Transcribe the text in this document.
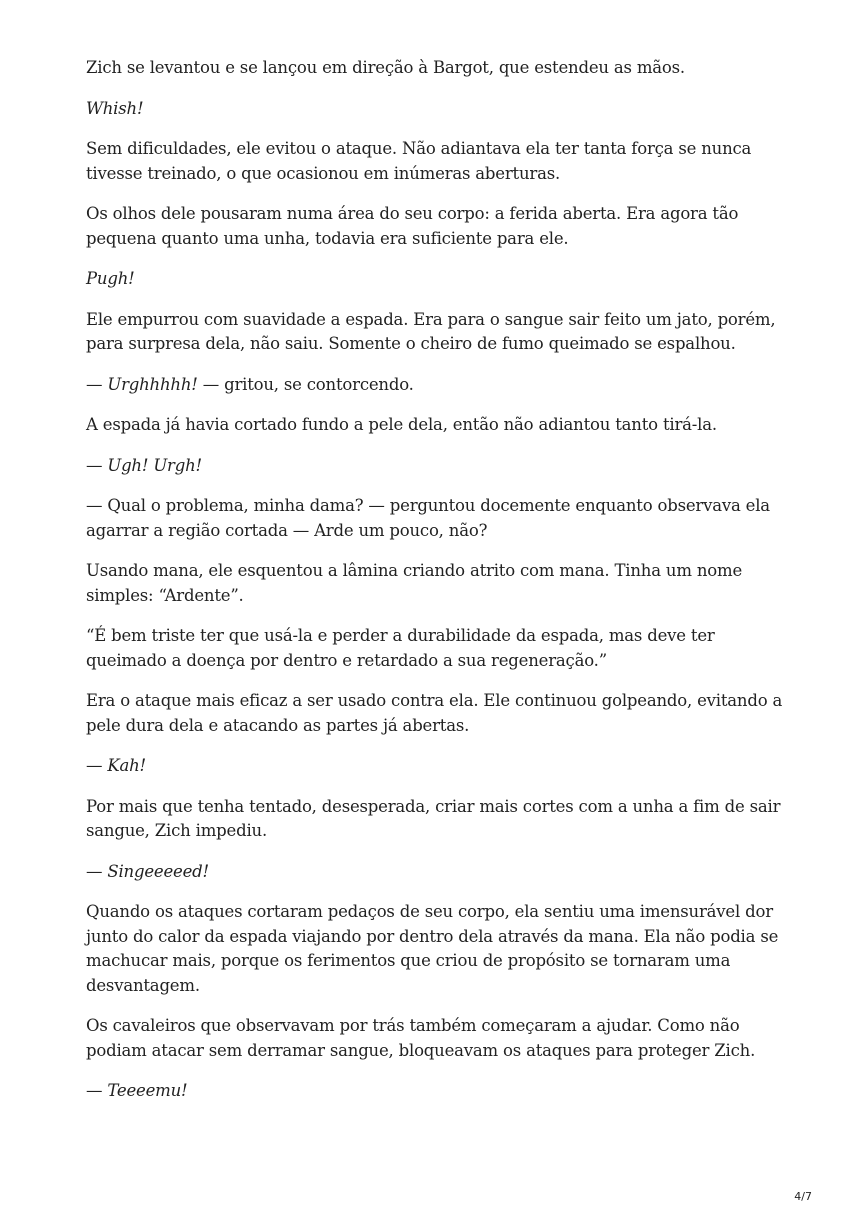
Zich se levantou e se lançou em direção à Bargot, que estendeu as mãos.

Whish!

Sem dificuldades, ele evitou o ataque. Não adiantava ela ter tanta força se nunca tivesse treinado, o que ocasionou em inúmeras aberturas.

Os olhos dele pousaram numa área do seu corpo: a ferida aberta. Era agora tão pequena quanto uma unha, todavia era suficiente para ele.

Pugh!

Ele empurrou com suavidade a espada. Era para o sangue sair feito um jato, porém, para surpresa dela, não saiu. Somente o cheiro de fumo queimado se espalhou.

— Urghhhhh! — gritou, se contorcendo.

A espada já havia cortado fundo a pele dela, então não adiantou tanto tirá-la.

— Ugh! Urgh!

— Qual o problema, minha dama? — perguntou docemente enquanto observava ela agarrar a região cortada — Arde um pouco, não?

Usando mana, ele esquentou a lâmina criando atrito com mana. Tinha um nome simples: “Ardente”.

“É bem triste ter que usá-la e perder a durabilidade da espada, mas deve ter queimado a doença por dentro e retardado a sua regeneração.”

Era o ataque mais eficaz a ser usado contra ela. Ele continuou golpeando, evitando a pele dura dela e atacando as partes já abertas.

— Kah!

Por mais que tenha tentado, desesperada, criar mais cortes com a unha a fim de sair sangue, Zich impediu.

— Singeeeeed!

Quando os ataques cortaram pedaços de seu corpo, ela sentiu uma imensurável dor junto do calor da espada viajando por dentro dela através da mana. Ela não podia se machucar mais, porque os ferimentos que criou de propósito se tornaram uma desvantagem.

Os cavaleiros que observavam por trás também começaram a ajudar. Como não podiam atacar sem derramar sangue, bloqueavam os ataques para proteger Zich.

— Teeeemu!

4/7
